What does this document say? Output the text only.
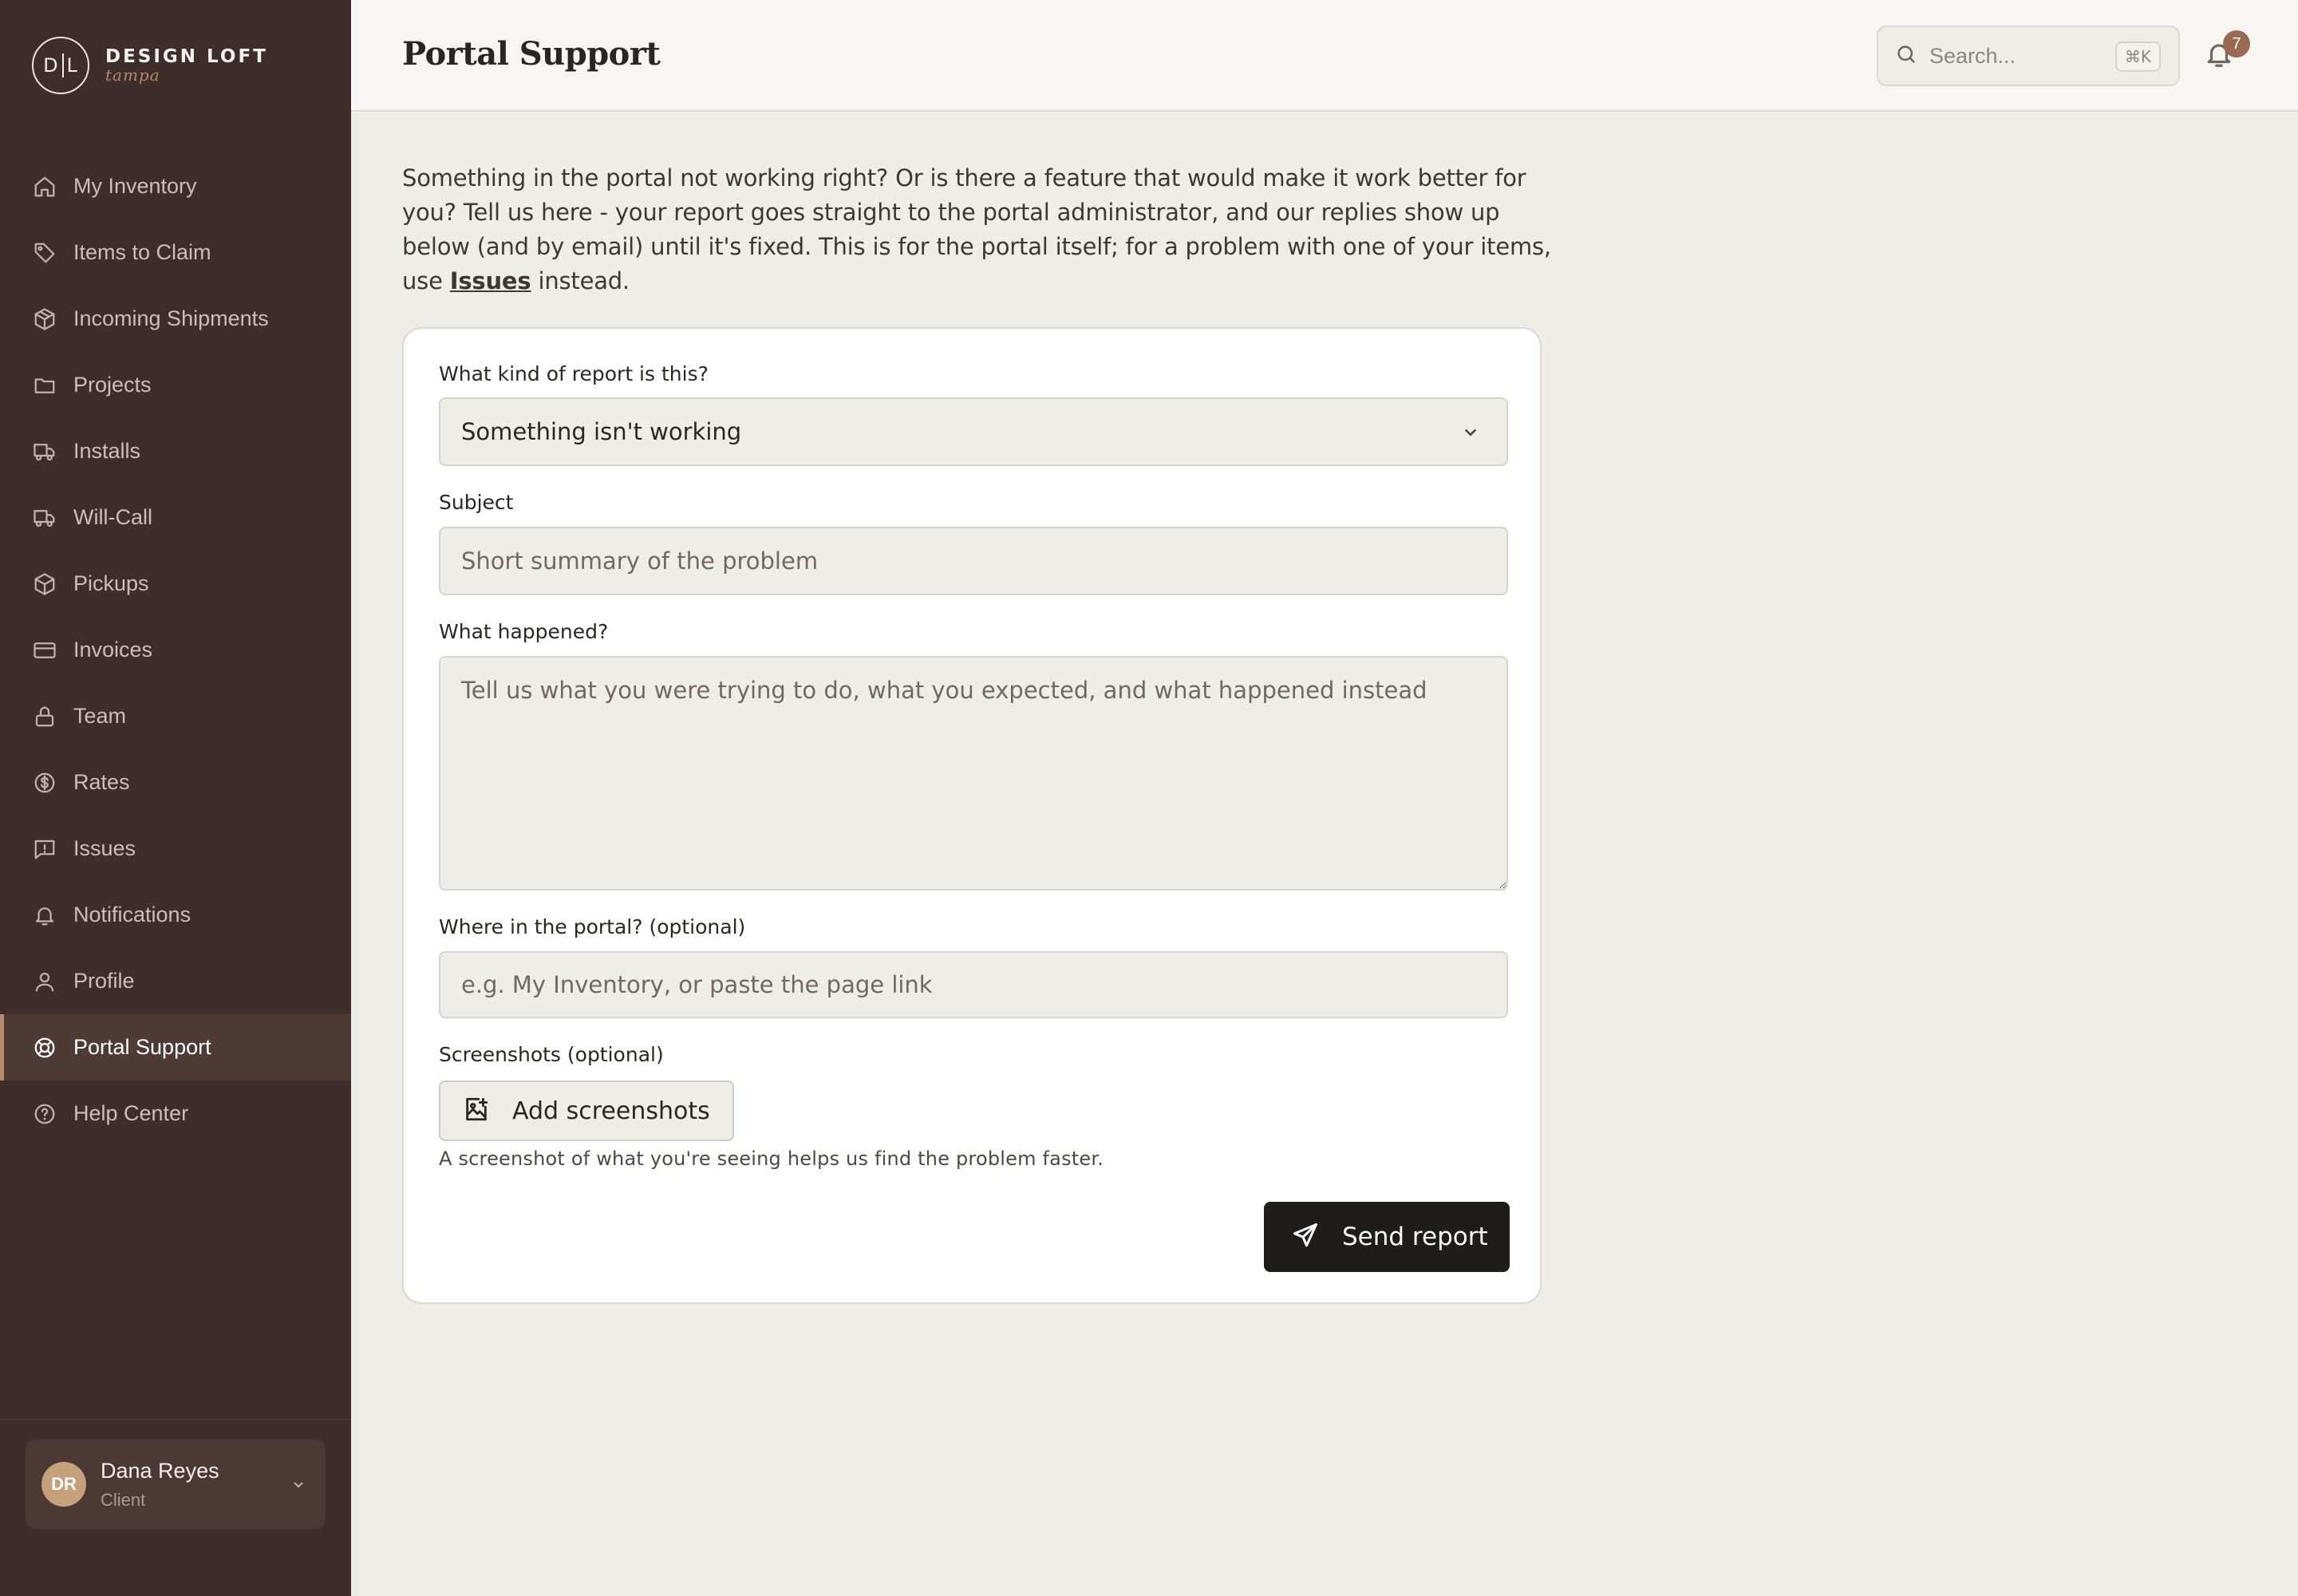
D L DESIGN LOFT
tampa
My Inventory
Items to Claim
Incoming Shipments
Projects
Installs
Will-Call
Pickups
Invoices
Team
Rates
Issues
Notifications
Profile
Portal Support
Help Center
DR
Dana Reyes
Client
Portal Support
Search...	⌘K
7

Something in the portal not working right? Or is there a feature that would make it work better for you? Tell us here - your report goes straight to the portal administrator, and our replies show up below (and by email) until it's fixed. This is for the portal itself; for a problem with one of your items, use Issues instead.

What kind of report is this?
Something isn't working
Subject
Short summary of the problem
What happened?
Tell us what you were trying to do, what you expected, and what happened instead
Where in the portal? (optional)
e.g. My Inventory, or paste the page link
Screenshots (optional)
Add screenshots

A screenshot of what you're seeing helps us find the problem faster.

Send report
